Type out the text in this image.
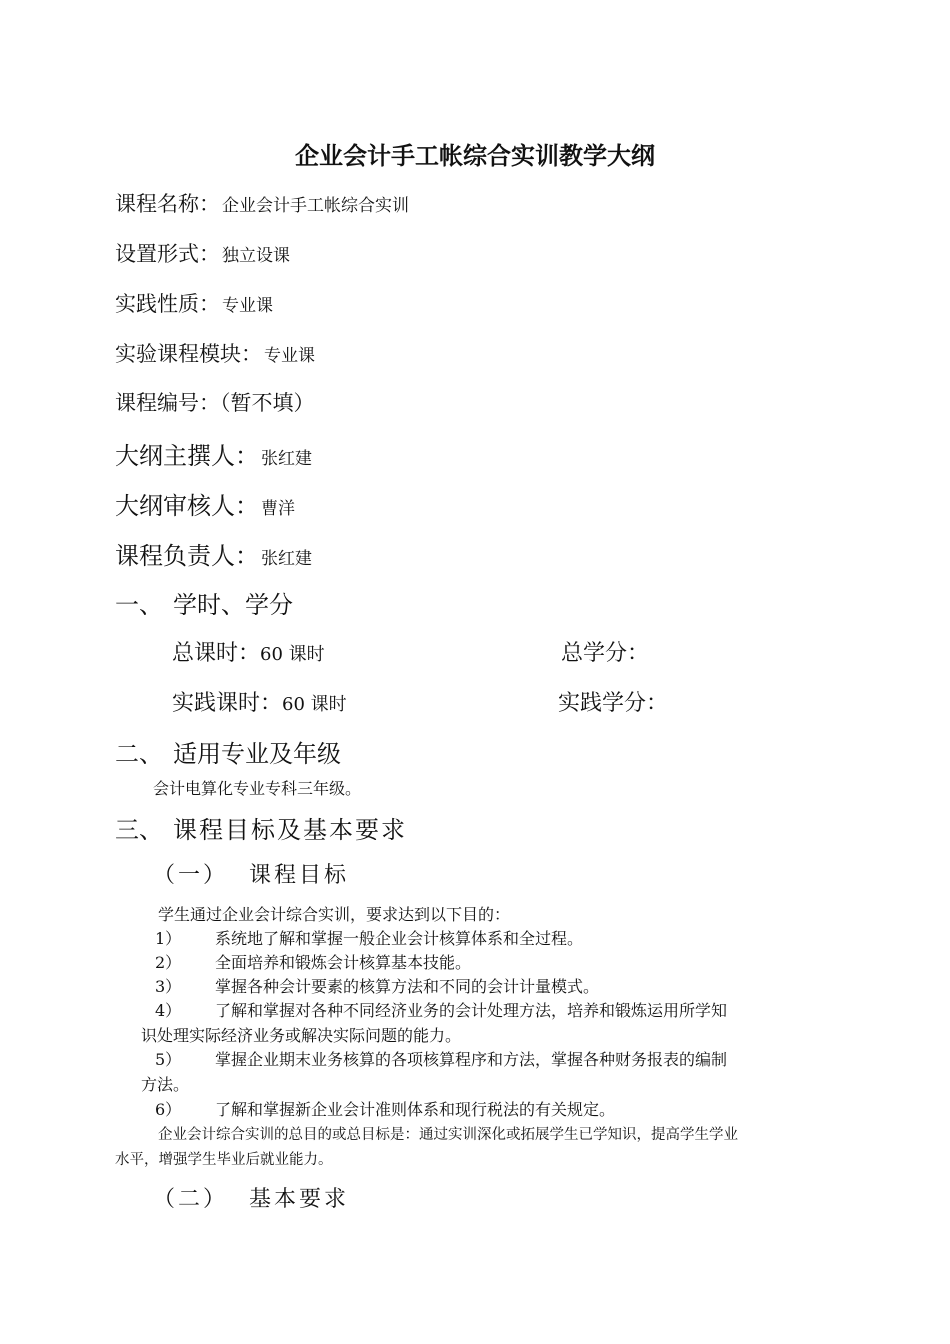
企业会计手工帐综合实训教学大纲
课程名称： 企业会计手工帐综合实训
设置形式： 独立设课
实践性质： 专业课
实验课程模块： 专业课
课程编号：（暂不填）
大纲主撰人： 张红建
大纲审核人： 曹洋
课程负责人： 张红建
一、 学时、学分
总课时：60 课时	总学分：
实践课时：60 课时	实践学分：
二、 适用专业及年级
会计电算化专业专科三年级。
三、 课程目标及基本要求
（一） 课程目标
学生通过企业会计综合实训，要求达到以下目的：
1） 系统地了解和掌握一般企业会计核算体系和全过程。
2） 全面培养和锻炼会计核算基本技能。
3） 掌握各种会计要素的核算方法和不同的会计计量模式。
4） 了解和掌握对各种不同经济业务的会计处理方法，培养和锻炼运用所学知
识处理实际经济业务或解决实际问题的能力。
5） 掌握企业期末业务核算的各项核算程序和方法，掌握各种财务报表的编制
方法。
6） 了解和掌握新企业会计准则体系和现行税法的有关规定。
企业会计综合实训的总目的或总目标是：通过实训深化或拓展学生已学知识，提高学生学业
水平，增强学生毕业后就业能力。
（二） 基本要求
